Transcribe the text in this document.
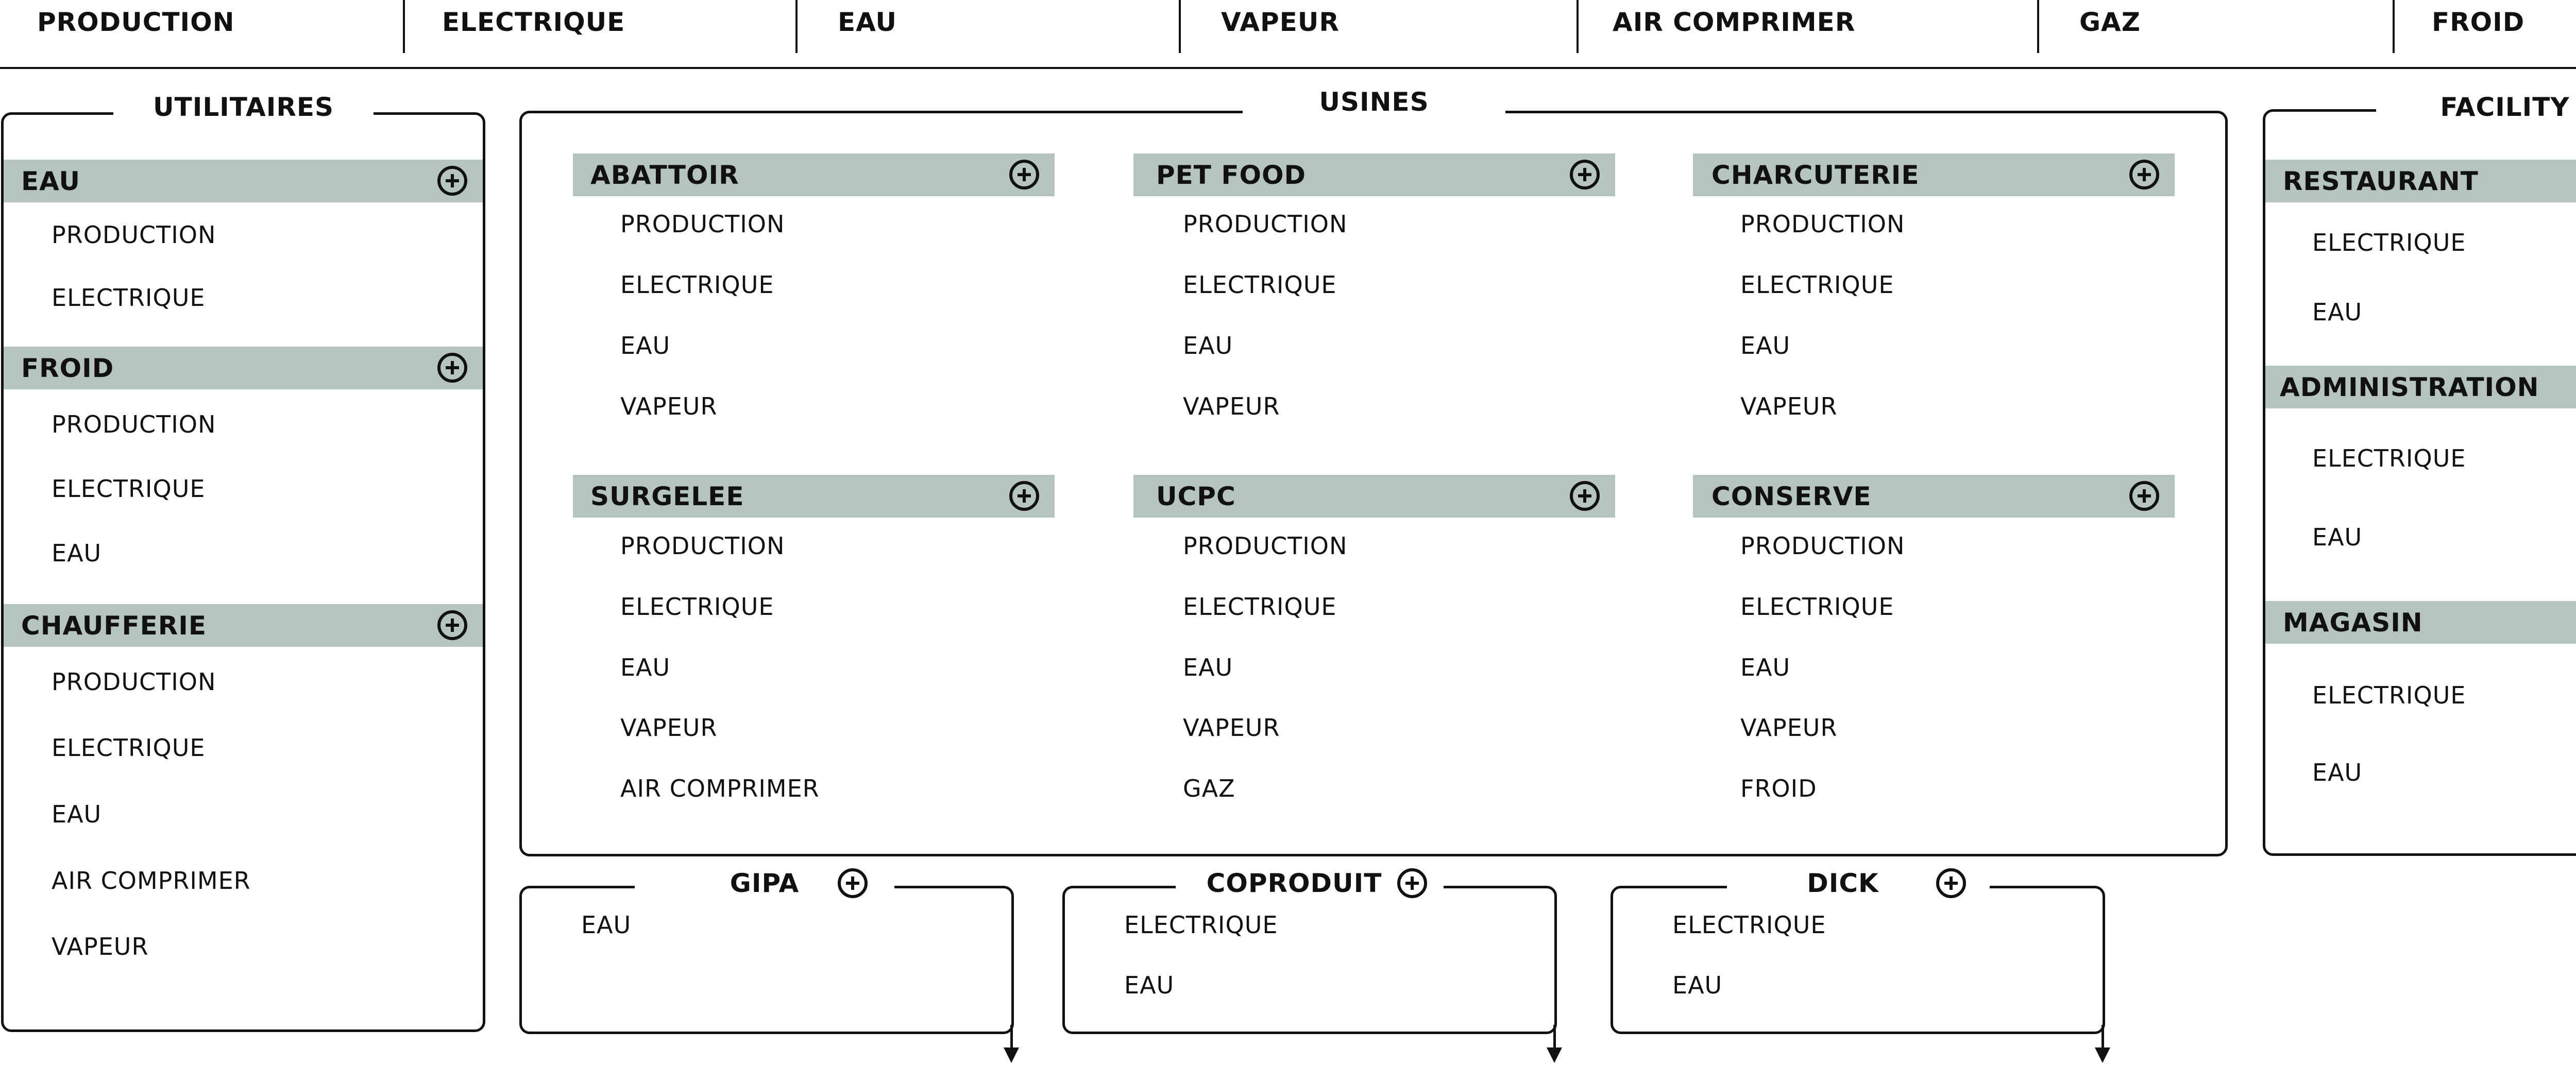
PRODUCTION	ELECTRIQUE	EAU	VAPEUR	AIR COMPRIMER	GAZ	FROID
UTILITAIRES
EAU
PRODUCTION
ELECTRIQUE
FROID
PRODUCTION
ELECTRIQUE
EAU
CHAUFFERIE
PRODUCTION
ELECTRIQUE
EAU
AIR COMPRIMER
VAPEUR
USINES
ABATTOIR
PRODUCTION
ELECTRIQUE
EAU
VAPEUR
PET FOOD
PRODUCTION
ELECTRIQUE
EAU
VAPEUR
CHARCUTERIE
PRODUCTION
ELECTRIQUE
EAU
VAPEUR
SURGELEE
PRODUCTION
ELECTRIQUE
EAU
VAPEUR
AIR COMPRIMER
UCPC
PRODUCTION
ELECTRIQUE
EAU
VAPEUR
GAZ
CONSERVE
PRODUCTION
ELECTRIQUE
EAU
VAPEUR
FROID
FACILITY
RESTAURANT
ELECTRIQUE
EAU
ADMINISTRATION
ELECTRIQUE
EAU
MAGASIN
ELECTRIQUE
EAU
GIPA
EAU
COPRODUIT
ELECTRIQUE
EAU
DICK
ELECTRIQUE
EAU
